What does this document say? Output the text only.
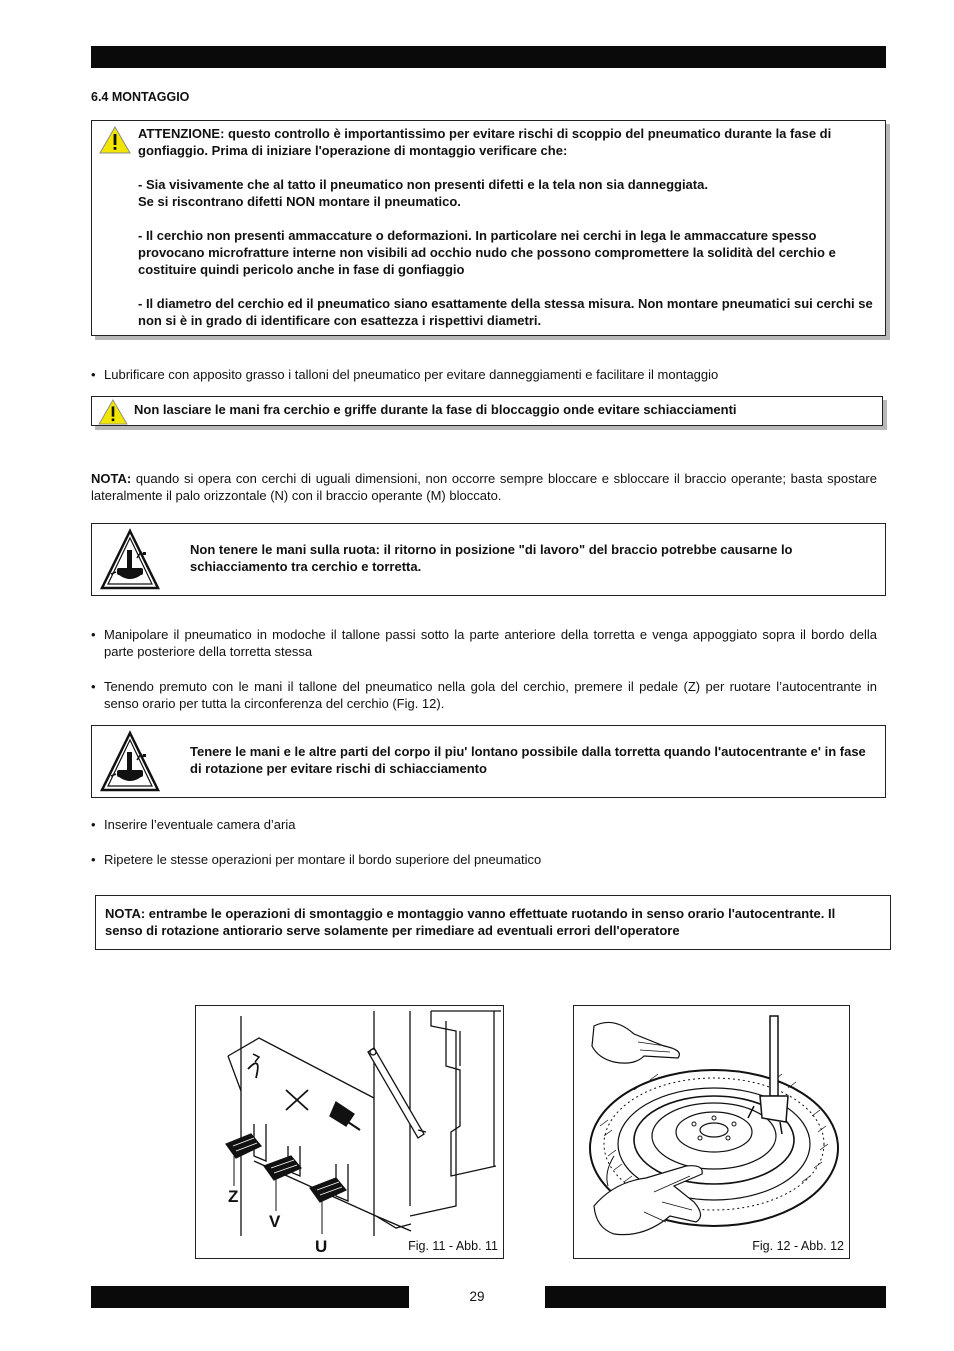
6.4 MONTAGGIO

ATTENZIONE: questo controllo è importantissimo per evitare rischi di scoppio del pneumatico durante la fase di gonfiaggio. Prima di iniziare l'operazione di montaggio verificare che:

- Sia visivamente che al tatto il pneumatico non presenti difetti e la tela non sia danneggiata.
Se si riscontrano difetti NON montare il pneumatico.

- Il cerchio non presenti ammaccature o deformazioni. In particolare nei cerchi in lega le ammaccature spesso provocano microfratture interne non visibili ad occhio nudo che possono compromettere la solidità del cerchio e costituire quindi pericolo anche in fase di gonfiaggio

- Il diametro del cerchio ed il pneumatico siano esattamente della stessa misura. Non montare pneumatici sui cerchi se non si è in grado di identificare con esattezza i rispettivi diametri.

• Lubrificare con apposito grasso i talloni del pneumatico per evitare danneggiamenti e facilitare il montaggio
Non lasciare le mani fra cerchio e griffe durante la fase di bloccaggio onde evitare schiacciamenti
NOTA: quando si opera con cerchi di uguali dimensioni, non occorre sempre bloccare e sbloccare il braccio operante; basta spostare lateralmente il palo orizzontale (N) con il braccio operante (M) bloccato.
Non tenere le mani sulla ruota: il ritorno in posizione "di lavoro" del braccio potrebbe causarne lo schiacciamento tra cerchio e torretta.
• Manipolare il pneumatico in modoche il tallone passi sotto la parte anteriore della torretta e venga appoggiato sopra il bordo della parte posteriore della torretta stessa
• Tenendo premuto con le mani il tallone del pneumatico nella gola del cerchio, premere il pedale (Z) per ruotare l’autocentrante in senso orario per tutta la circonferenza del cerchio (Fig. 12).
Tenere le mani e le altre parti del corpo il piu' lontano possibile dalla torretta quando l'autocentrante e' in fase di rotazione per evitare rischi di schiacciamento
• Inserire l’eventuale camera d’aria
• Ripetere le stesse operazioni per montare il bordo superiore del pneumatico
NOTA: entrambe le operazioni di smontaggio e montaggio vanno effettuate ruotando in senso orario l'autocentrante. Il senso di rotazione antiorario serve solamente per rimediare ad eventuali errori dell'operatore
Z
V
U	Fig. 11 - Abb. 11	Fig. 12 - Abb. 12
29
